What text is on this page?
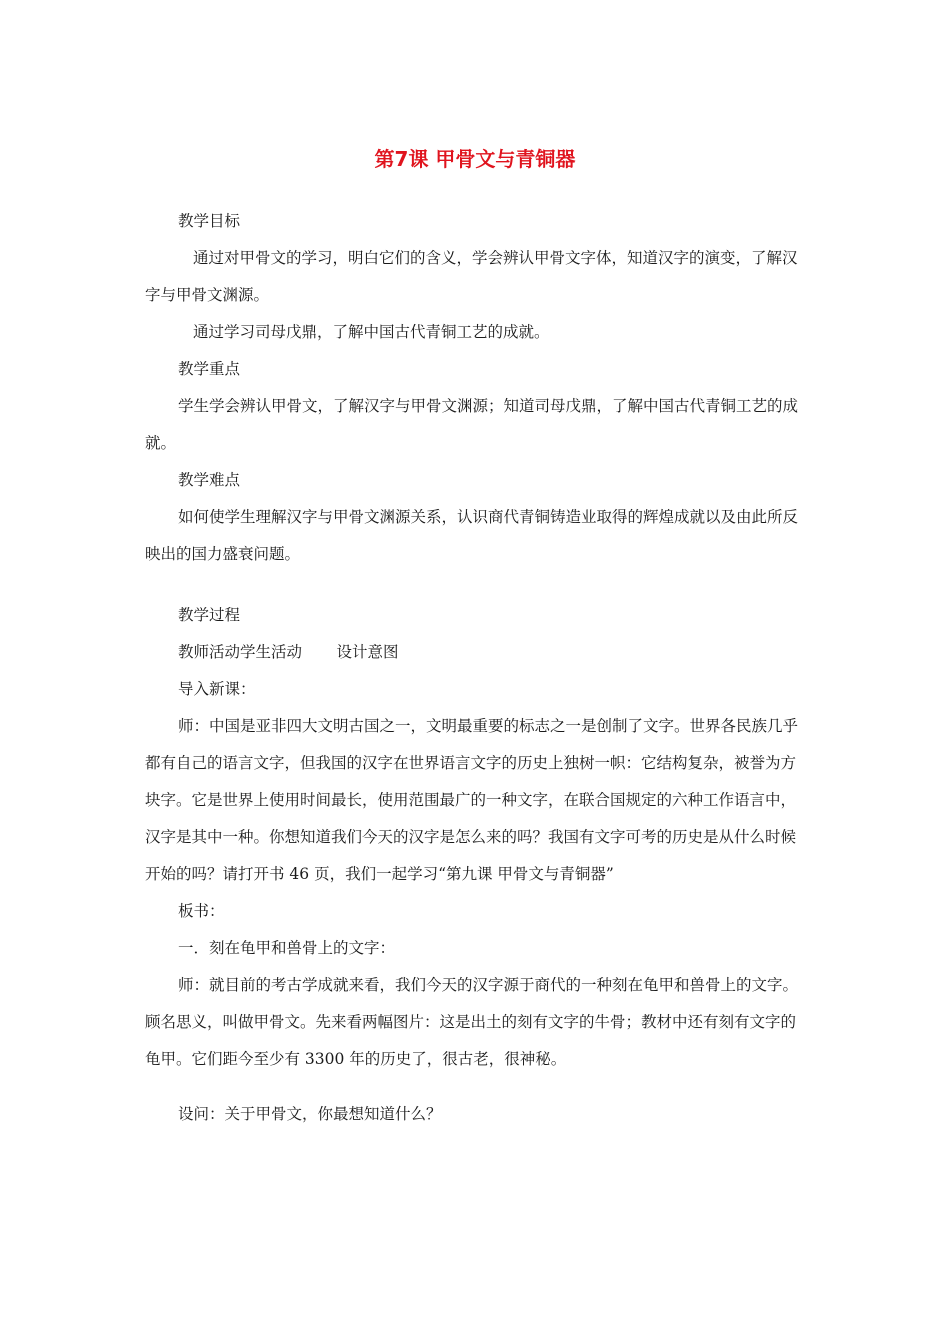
第7课 甲骨文与青铜器

教学目标

通过对甲骨文的学习，明白它们的含义，学会辨认甲骨文字体，知道汉字的演变，了解汉字与甲骨文渊源。

通过学习司母戊鼎，了解中国古代青铜工艺的成就。

教学重点

学生学会辨认甲骨文，了解汉字与甲骨文渊源；知道司母戊鼎，了解中国古代青铜工艺的成就。

教学难点

如何使学生理解汉字与甲骨文渊源关系，认识商代青铜铸造业取得的辉煌成就以及由此所反映出的国力盛衰问题。

教学过程

教师活动学生活动       设计意图

导入新课：

师：中国是亚非四大文明古国之一，文明最重要的标志之一是创制了文字。世界各民族几乎都有自己的语言文字，但我国的汉字在世界语言文字的历史上独树一帜：它结构复杂，被誉为方块字。它是世界上使用时间最长，使用范围最广的一种文字，在联合国规定的六种工作语言中，汉字是其中一种。你想知道我们今天的汉字是怎么来的吗？我国有文字可考的历史是从什么时候开始的吗？请打开书 46 页，我们一起学习“第九课 甲骨文与青铜器”

板书：

一．刻在龟甲和兽骨上的文字：

师：就目前的考古学成就来看，我们今天的汉字源于商代的一种刻在龟甲和兽骨上的文字。顾名思义，叫做甲骨文。先来看两幅图片：这是出土的刻有文字的牛骨；教材中还有刻有文字的龟甲。它们距今至少有 3300 年的历史了，很古老，很神秘。

设问：关于甲骨文，你最想知道什么？
